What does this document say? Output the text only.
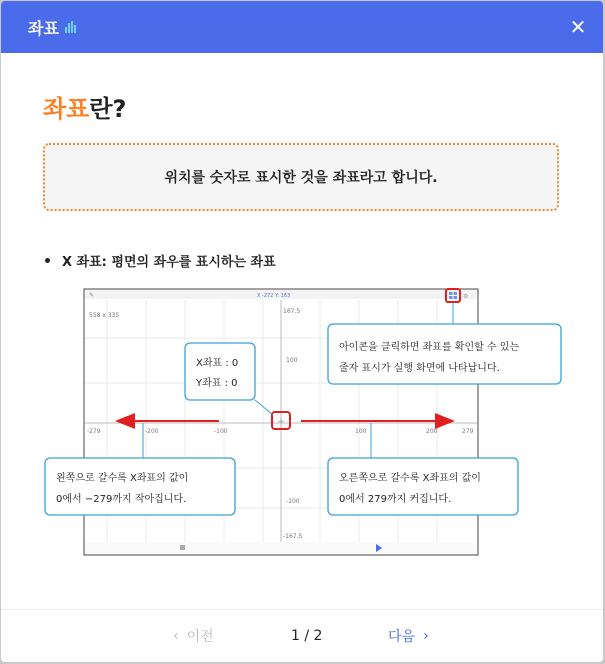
좌표	✕
좌표란?
위치를 숫자로 표시한 것을 좌표라고 합니다.
X 좌표: 평면의 좌우를 표시하는 좌표
✎	X -272 Y: 163
558 x 335
167.5
100
-100
-167.5
-279	-200	-100	100	200	279
+
⚙
X좌표 : 0
Y좌표 : 0
아이콘을 클릭하면 좌표를 확인할 수 있는
줄자 표시가 실행 화면에 나타납니다.
왼쪽으로 갈수록 X좌표의 값이
0에서 −279까지 작아집니다.
오른쪽으로 갈수록 X좌표의 값이
0에서 279까지 커집니다.
‹ 이전	1 / 2	다음 ›
